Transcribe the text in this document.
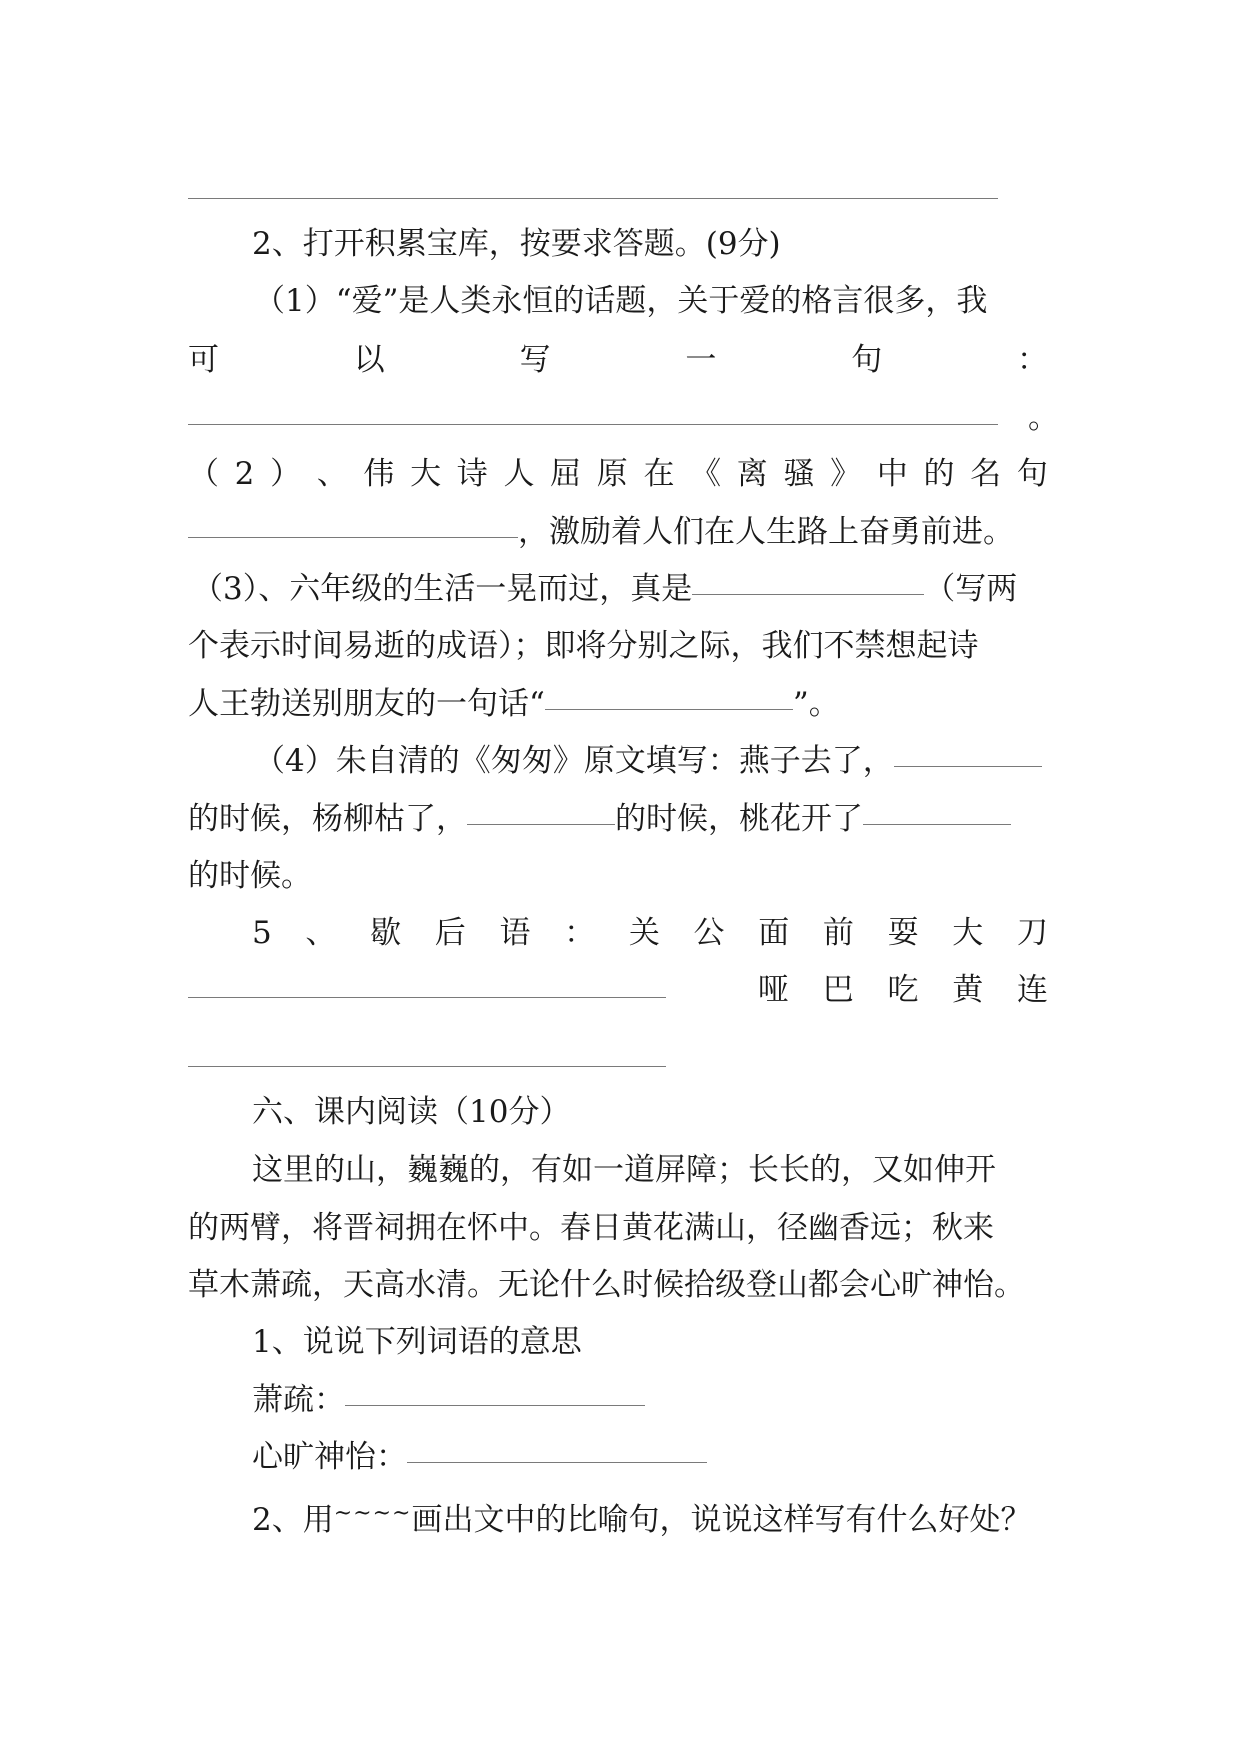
2、打开积累宝库，按要求答题。(9分)
（1）“爱”是人类永恒的话题，关于爱的格言很多，我
可	以	写	一	句	：
。
（ 2 ） 、 伟 大 诗 人 屈 原 在 《 离 骚 》 中 的 名 句
，激励着人们在人生路上奋勇前进。
（3）、六年级的生活一晃而过，真是	（写两
个表示时间易逝的成语）；即将分别之际，我们不禁想起诗
人王勃送别朋友的一句话“	”。
（4）朱自清的《匆匆》原文填写：燕子去了，
的时候，杨柳枯了，	的时候，桃花开了
的时候。
5 、 歇 后 语 ： 关 公 面 前 耍 大 刀
哑 巴 吃 黄 连
六、课内阅读（10分）
这里的山，巍巍的，有如一道屏障；长长的，又如伸开
的两臂，将晋祠拥在怀中。春日黄花满山，径幽香远；秋来
草木萧疏，天高水清。无论什么时候拾级登山都会心旷神怡。
1、说说下列词语的意思
萧疏：
心旷神怡：
2、用~~~~画出文中的比喻句，说说这样写有什么好处？
